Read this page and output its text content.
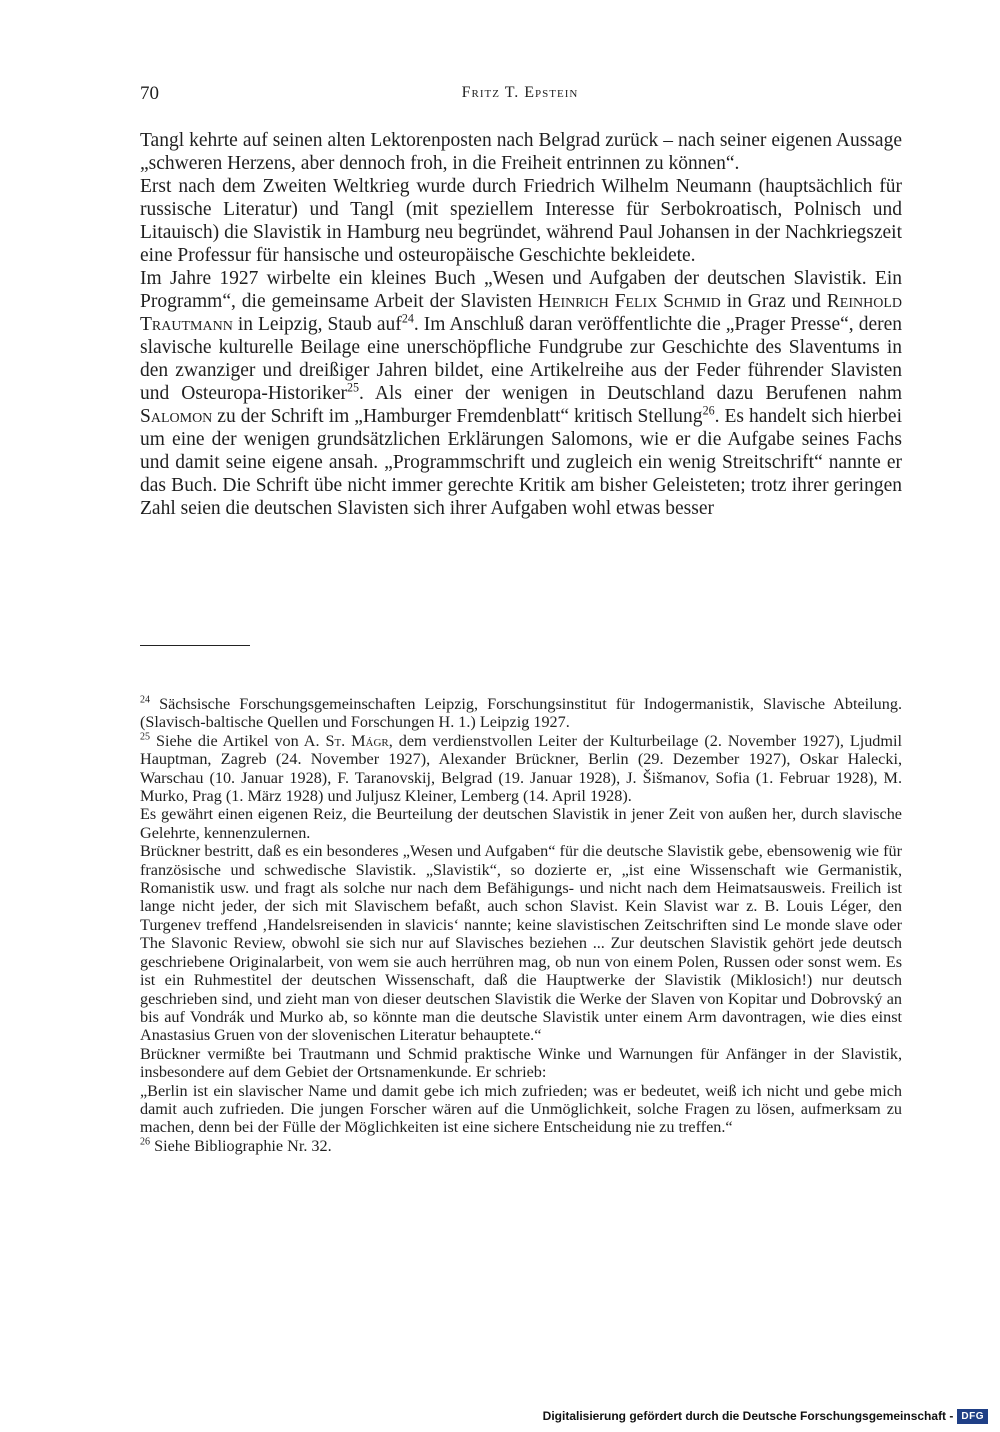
70	Fritz T. Epstein

Tangl kehrte auf seinen alten Lektorenposten nach Belgrad zurück – nach seiner eigenen Aussage „schweren Herzens, aber dennoch froh, in die Freiheit entrinnen zu können“.

Erst nach dem Zweiten Weltkrieg wurde durch Friedrich Wilhelm Neumann (hauptsächlich für russische Literatur) und Tangl (mit speziellem Interesse für Serbokroatisch, Polnisch und Litauisch) die Slavistik in Hamburg neu begründet, während Paul Johansen in der Nachkriegszeit eine Professur für hansische und osteuropäische Geschichte bekleidete.

Im Jahre 1927 wirbelte ein kleines Buch „Wesen und Aufgaben der deutschen Slavistik. Ein Programm“, die gemeinsame Arbeit der Slavisten Heinrich Felix Schmid in Graz und Reinhold Trautmann in Leipzig, Staub auf$^{24}$. Im Anschluß daran veröffentlichte die „Prager Presse“, deren slavische kulturelle Beilage eine unerschöpfliche Fundgrube zur Geschichte des Slaventums in den zwanziger und dreißiger Jahren bildet, eine Artikelreihe aus der Feder führender Slavisten und Osteuropa-Historiker$^{25}$. Als einer der wenigen in Deutschland dazu Berufenen nahm Salomon zu der Schrift im „Hamburger Fremdenblatt“ kritisch Stellung$^{26}$. Es handelt sich hierbei um eine der wenigen grundsätzlichen Erklärungen Salomons, wie er die Aufgabe seines Fachs und damit seine eigene ansah. „Programmschrift und zugleich ein wenig Streitschrift“ nannte er das Buch. Die Schrift übe nicht immer gerechte Kritik am bisher Geleisteten; trotz ihrer geringen Zahl seien die deutschen Slavisten sich ihrer Aufgaben wohl etwas besser

$^{24}$ Sächsische Forschungsgemeinschaften Leipzig, Forschungsinstitut für Indogermanistik, Slavische Abteilung. (Slavisch-baltische Quellen und Forschungen H. 1.) Leipzig 1927.

$^{25}$ Siehe die Artikel von A. St. Mágr, dem verdienstvollen Leiter der Kulturbeilage (2. November 1927), Ljudmil Hauptman, Zagreb (24. November 1927), Alexander Brückner, Berlin (29. Dezember 1927), Oskar Halecki, Warschau (10. Januar 1928), F. Taranovskij, Belgrad (19. Januar 1928), J. Šišmanov, Sofia (1. Februar 1928), M. Murko, Prag (1. März 1928) und Juljusz Kleiner, Lemberg (14. April 1928).

Es gewährt einen eigenen Reiz, die Beurteilung der deutschen Slavistik in jener Zeit von außen her, durch slavische Gelehrte, kennenzulernen.

Brückner bestritt, daß es ein besonderes „Wesen und Aufgaben“ für die deutsche Slavistik gebe, ebensowenig wie für französische und schwedische Slavistik. „Slavistik“, so dozierte er, „ist eine Wissenschaft wie Germanistik, Romanistik usw. und fragt als solche nur nach dem Befähigungs- und nicht nach dem Heimatsausweis. Freilich ist lange nicht jeder, der sich mit Slavischem befaßt, auch schon Slavist. Kein Slavist war z. B. Louis Léger, den Turgenev treffend ‚Handelsreisenden in slavicis‘ nannte; keine slavistischen Zeitschriften sind Le monde slave oder The Slavonic Review, obwohl sie sich nur auf Slavisches beziehen ... Zur deutschen Slavistik gehört jede deutsch geschriebene Originalarbeit, von wem sie auch herrühren mag, ob nun von einem Polen, Russen oder sonst wem. Es ist ein Ruhmestitel der deutschen Wissenschaft, daß die Hauptwerke der Slavistik (Miklosich!) nur deutsch geschrieben sind, und zieht man von dieser deutschen Slavistik die Werke der Slaven von Kopitar und Dobrovský an bis auf Vondrák und Murko ab, so könnte man die deutsche Slavistik unter einem Arm davontragen, wie dies einst Anastasius Gruen von der slovenischen Literatur behauptete.“

Brückner vermißte bei Trautmann und Schmid praktische Winke und Warnungen für Anfänger in der Slavistik, insbesondere auf dem Gebiet der Ortsnamenkunde. Er schrieb:

„Berlin ist ein slavischer Name und damit gebe ich mich zufrieden; was er bedeutet, weiß ich nicht und gebe mich damit auch zufrieden. Die jungen Forscher wären auf die Unmöglichkeit, solche Fragen zu lösen, aufmerksam zu machen, denn bei der Fülle der Möglichkeiten ist eine sichere Entscheidung nie zu treffen.“

$^{26}$ Siehe Bibliographie Nr. 32.

Digitalisierung gefördert durch die Deutsche Forschungsgemeinschaft - DFG
